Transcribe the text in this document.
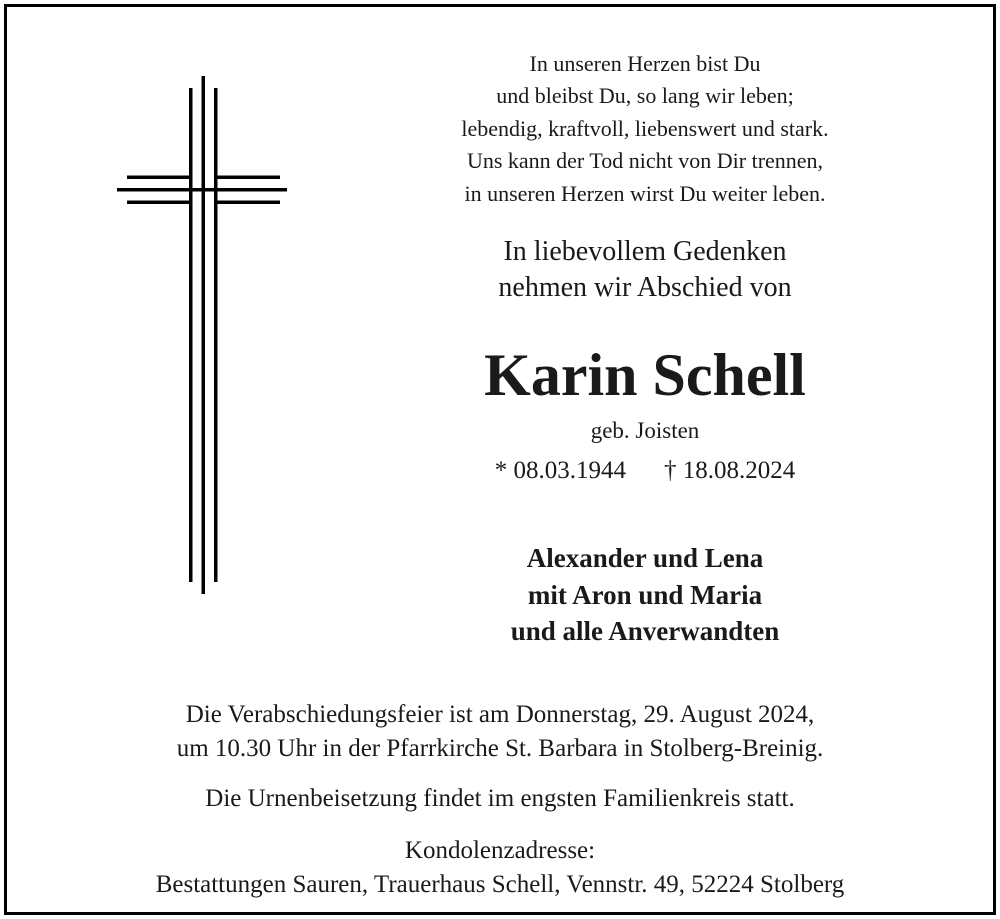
In unseren Herzen bist Du
und bleibst Du, so lang wir leben;
lebendig, kraftvoll, liebenswert und stark.
Uns kann der Tod nicht von Dir trennen,
in unseren Herzen wirst Du weiter leben.
In liebevollem Gedenken
nehmen wir Abschied von
Karin Schell
geb. Joisten
* 08.03.1944 † 18.08.2024
Alexander und Lena
mit Aron und Maria
und alle Anverwandten
Die Verabschiedungsfeier ist am Donnerstag, 29. August 2024,
um 10.30 Uhr in der Pfarrkirche St. Barbara in Stolberg-Breinig.
Die Urnenbeisetzung findet im engsten Familienkreis statt.
Kondolenzadresse:
Bestattungen Sauren, Trauerhaus Schell, Vennstr. 49, 52224 Stolberg
